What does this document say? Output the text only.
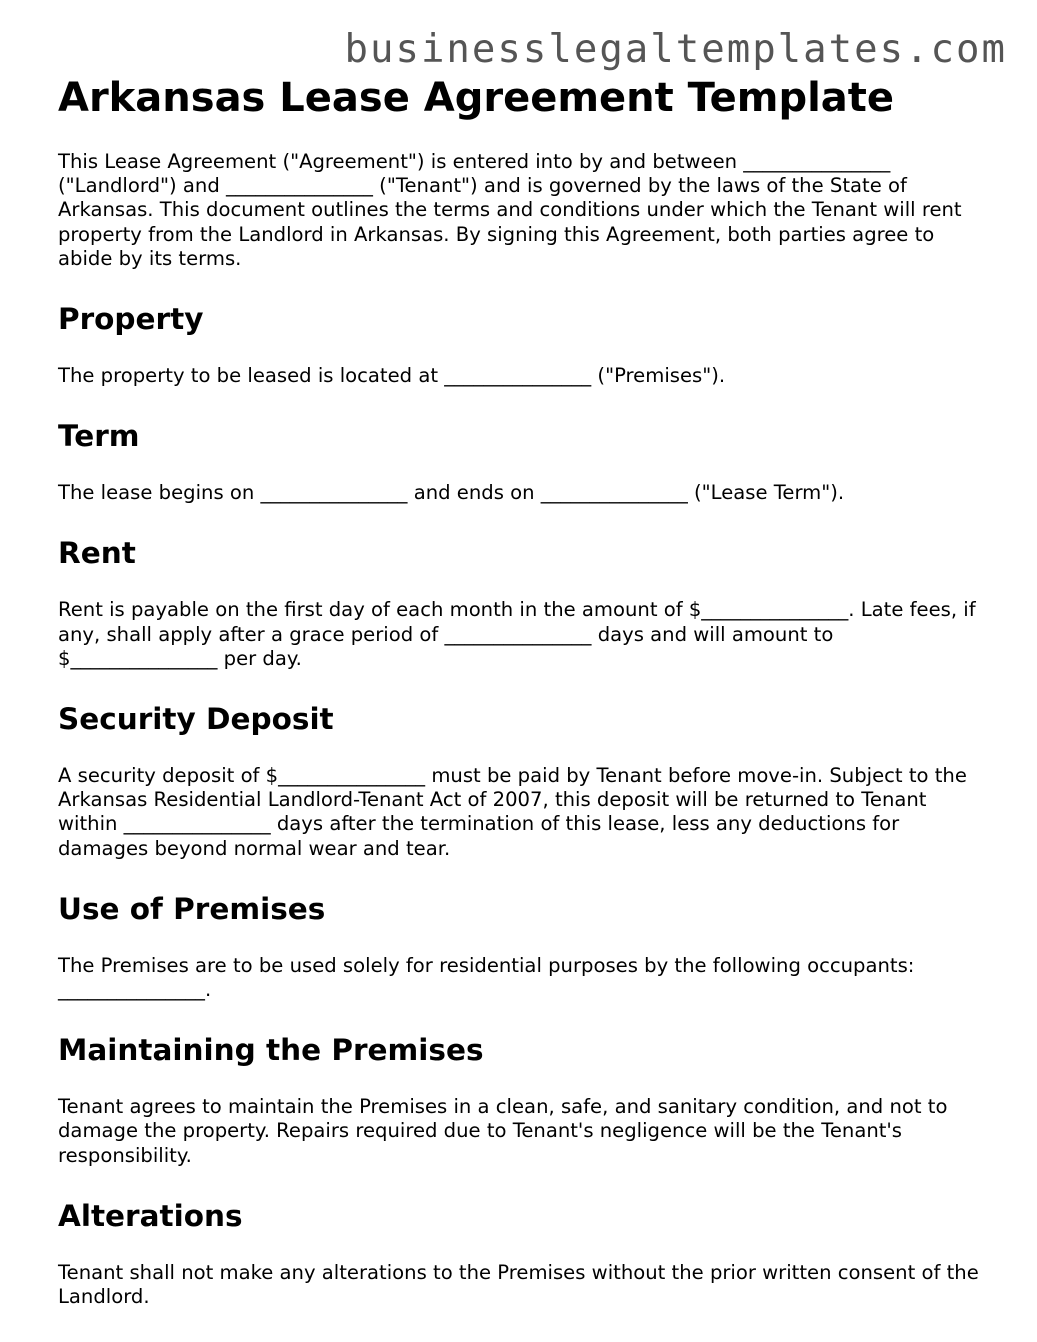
businesslegaltemplates.com
Arkansas Lease Agreement Template

This Lease Agreement ("Agreement") is entered into by and between _______________ ("Landlord") and _______________ ("Tenant") and is governed by the laws of the State of Arkansas. This document outlines the terms and conditions under which the Tenant will rent property from the Landlord in Arkansas. By signing this Agreement, both parties agree to abide by its terms.

Property

The property to be leased is located at _______________ ("Premises").

Term

The lease begins on _______________ and ends on _______________ ("Lease Term").

Rent

Rent is payable on the first day of each month in the amount of $_______________. Late fees, if any, shall apply after a grace period of _______________ days and will amount to $_______________ per day.

Security Deposit

A security deposit of $_______________ must be paid by Tenant before move-in. Subject to the Arkansas Residential Landlord-Tenant Act of 2007, this deposit will be returned to Tenant within _______________ days after the termination of this lease, less any deductions for damages beyond normal wear and tear.

Use of Premises

The Premises are to be used solely for residential purposes by the following occupants: _______________.

Maintaining the Premises

Tenant agrees to maintain the Premises in a clean, safe, and sanitary condition, and not to damage the property. Repairs required due to Tenant's negligence will be the Tenant's responsibility.

Alterations

Tenant shall not make any alterations to the Premises without the prior written consent of the Landlord.
